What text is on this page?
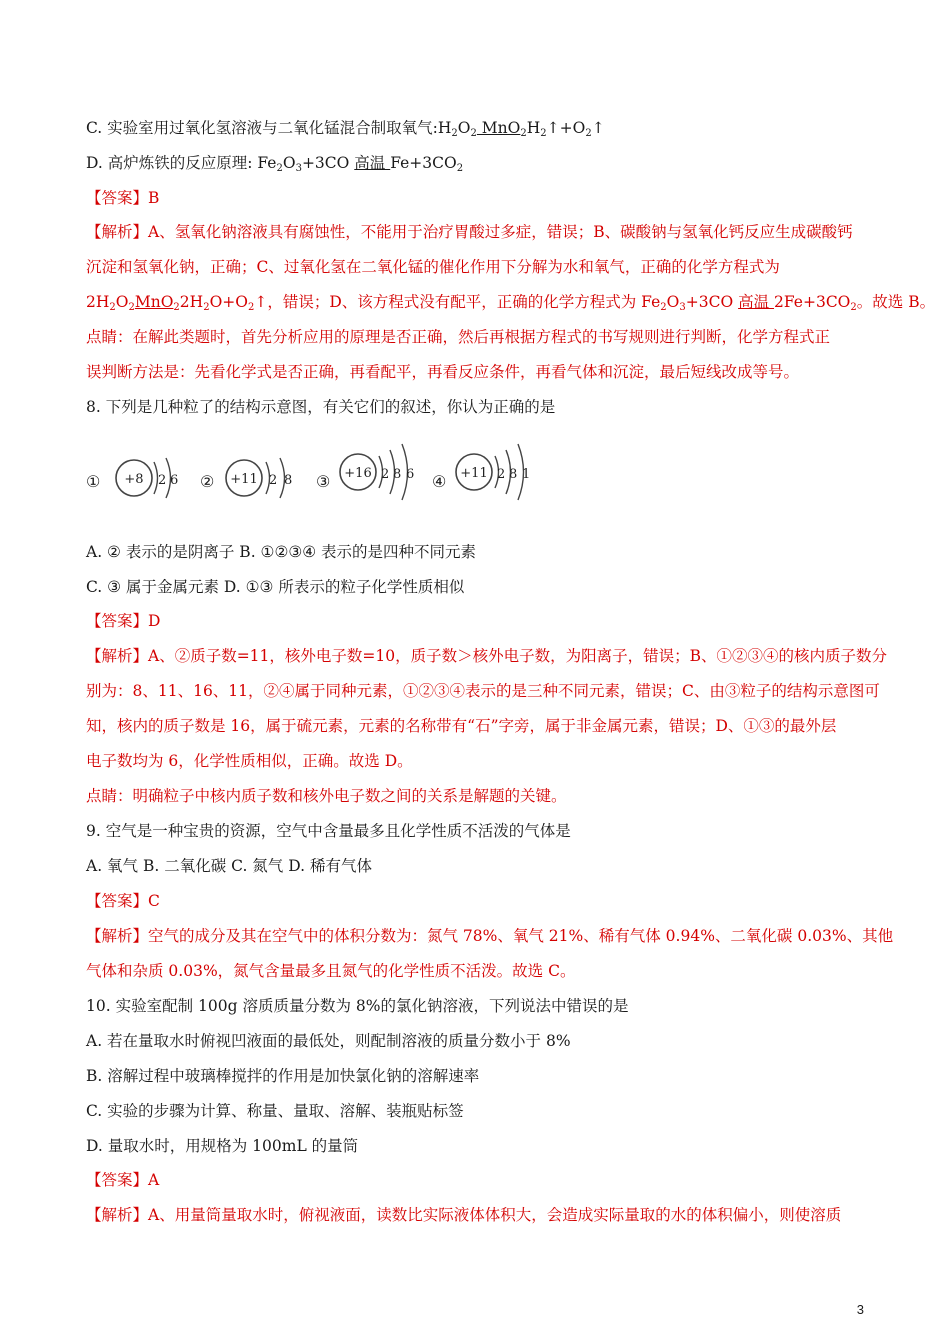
C. 实验室用过氧化氢溶液与二氧化锰混合制取氧气$:H_2O_2$ $MnO_2H_2↑+O_2↑$
D. 高炉炼铁的反应原理: $Fe_2O_3+3CO$ 高温 $Fe+3CO_2$
【答案】B
【解析】A、氢氧化钠溶液具有腐蚀性，不能用于治疗胃酸过多症，错误；B、碳酸钠与氢氧化钙反应生成碳酸钙
沉淀和氢氧化钠，正确；C、过氧化氢在二氧化锰的催化作用下分解为水和氧气，正确的化学方程式为
$2H_2O_2MnO_22H_2O+O_2↑$，错误；D、该方程式没有配平，正确的化学方程式为 $Fe_2O_3+3CO$ 高温 $2Fe+3CO_2$。故选 B。
点睛：在解此类题时，首先分析应用的原理是否正确，然后再根据方程式的书写规则进行判断，化学方程式正
误判断方法是：先看化学式是否正确，再看配平，再看反应条件，再看气体和沉淀，最后短线改成等号。
8. 下列是几种粒了的结构示意图，有关它们的叙述，你认为正确的是
① +8 2 6 ② +11 2 8 ③ +16 2 8 6 ④ +11 2 8 1
A. ② 表示的是阴离子 B. ①②③④ 表示的是四种不同元素
C. ③ 属于金属元素 D. ①③ 所表示的粒子化学性质相似
【答案】D
【解析】A、②质子数=11，核外电子数=10，质子数＞核外电子数，为阳离子，错误；B、①②③④的核内质子数分
别为：8、11、16、11，②④属于同种元素，①②③④表示的是三种不同元素，错误；C、由③粒子的结构示意图可
知，核内的质子数是 16，属于硫元素，元素的名称带有“石”字旁，属于非金属元素，错误；D、①③的最外层
电子数均为 6，化学性质相似，正确。故选 D。
点睛：明确粒子中核内质子数和核外电子数之间的关系是解题的关键。
9. 空气是一种宝贵的资源，空气中含量最多且化学性质不活泼的气体是
A. 氧气 B. 二氧化碳 C. 氮气 D. 稀有气体
【答案】C
【解析】空气的成分及其在空气中的体积分数为：氮气 78%、氧气 21%、稀有气体 0.94%、二氧化碳 0.03%、其他
气体和杂质 0.03%，氮气含量最多且氮气的化学性质不活泼。故选 C。
10. 实验室配制 100g 溶质质量分数为 8%的氯化钠溶液，下列说法中错误的是
A. 若在量取水时俯视凹液面的最低处，则配制溶液的质量分数小于 8%
B. 溶解过程中玻璃棒搅拌的作用是加快氯化钠的溶解速率
C. 实验的步骤为计算、称量、量取、溶解、装瓶贴标签
D. 量取水时，用规格为 100mL 的量筒
【答案】A
【解析】A、用量筒量取水时，俯视液面，读数比实际液体体积大，会造成实际量取的水的体积偏小，则使溶质
3
